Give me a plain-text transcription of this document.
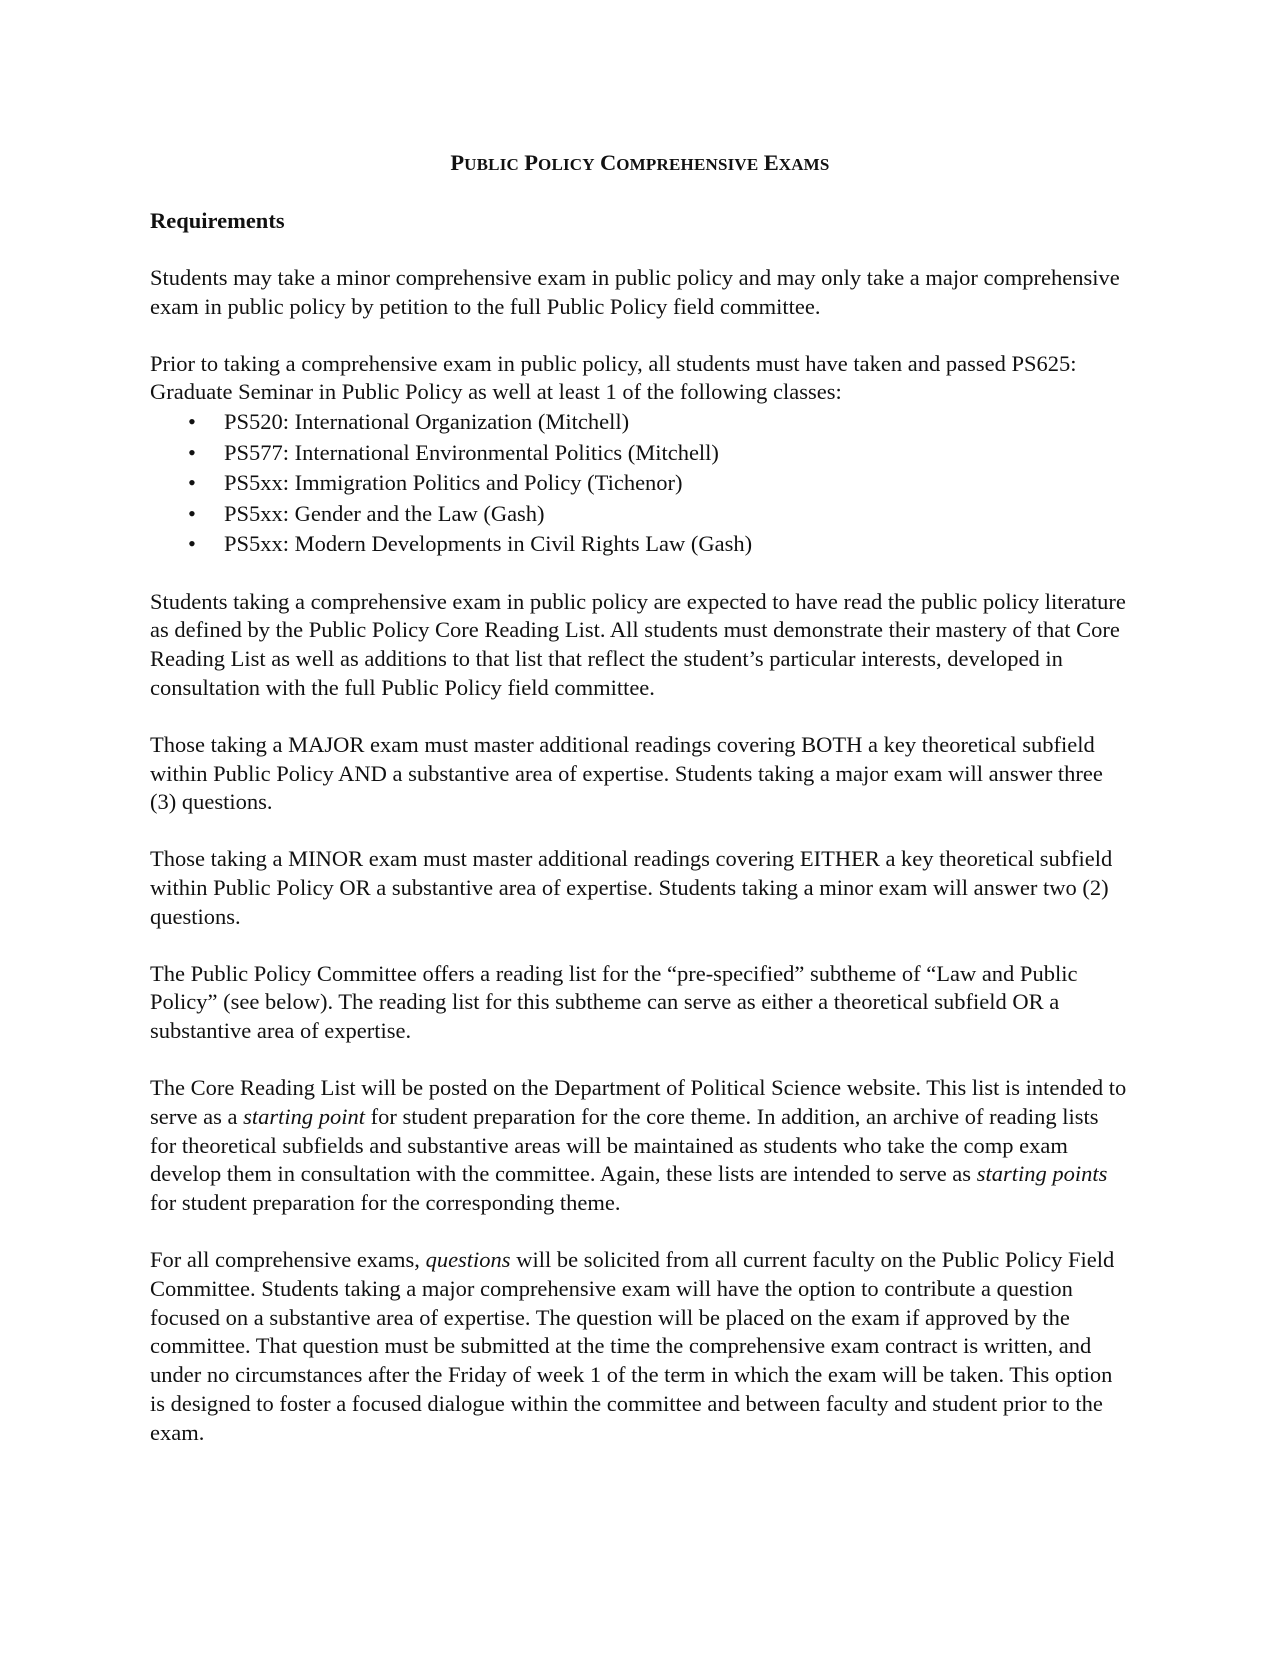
PUBLIC POLICY COMPREHENSIVE EXAMS
Requirements

Students may take a minor comprehensive exam in public policy and may only take a major comprehensive exam in public policy by petition to the full Public Policy field committee.

Prior to taking a comprehensive exam in public policy, all students must have taken and passed PS625: Graduate Seminar in Public Policy as well at least 1 of the following classes:

• PS520: International Organization (Mitchell)
• PS577: International Environmental Politics (Mitchell)
• PS5xx: Immigration Politics and Policy (Tichenor)
• PS5xx: Gender and the Law (Gash)
• PS5xx: Modern Developments in Civil Rights Law (Gash)

Students taking a comprehensive exam in public policy are expected to have read the public policy literature as defined by the Public Policy Core Reading List. All students must demonstrate their mastery of that Core Reading List as well as additions to that list that reflect the student’s particular interests, developed in consultation with the full Public Policy field committee.

Those taking a MAJOR exam must master additional readings covering BOTH a key theoretical subfield within Public Policy AND a substantive area of expertise. Students taking a major exam will answer three (3) questions.

Those taking a MINOR exam must master additional readings covering EITHER a key theoretical subfield within Public Policy OR a substantive area of expertise. Students taking a minor exam will answer two (2) questions.

The Public Policy Committee offers a reading list for the “pre-specified” subtheme of “Law and Public Policy” (see below). The reading list for this subtheme can serve as either a theoretical subfield OR a substantive area of expertise.

The Core Reading List will be posted on the Department of Political Science website. This list is intended to serve as a starting point for student preparation for the core theme. In addition, an archive of reading lists for theoretical subfields and substantive areas will be maintained as students who take the comp exam develop them in consultation with the committee. Again, these lists are intended to serve as starting points for student preparation for the corresponding theme.

For all comprehensive exams, questions will be solicited from all current faculty on the Public Policy Field Committee. Students taking a major comprehensive exam will have the option to contribute a question focused on a substantive area of expertise. The question will be placed on the exam if approved by the committee. That question must be submitted at the time the comprehensive exam contract is written, and under no circumstances after the Friday of week 1 of the term in which the exam will be taken. This option is designed to foster a focused dialogue within the committee and between faculty and student prior to the exam.
